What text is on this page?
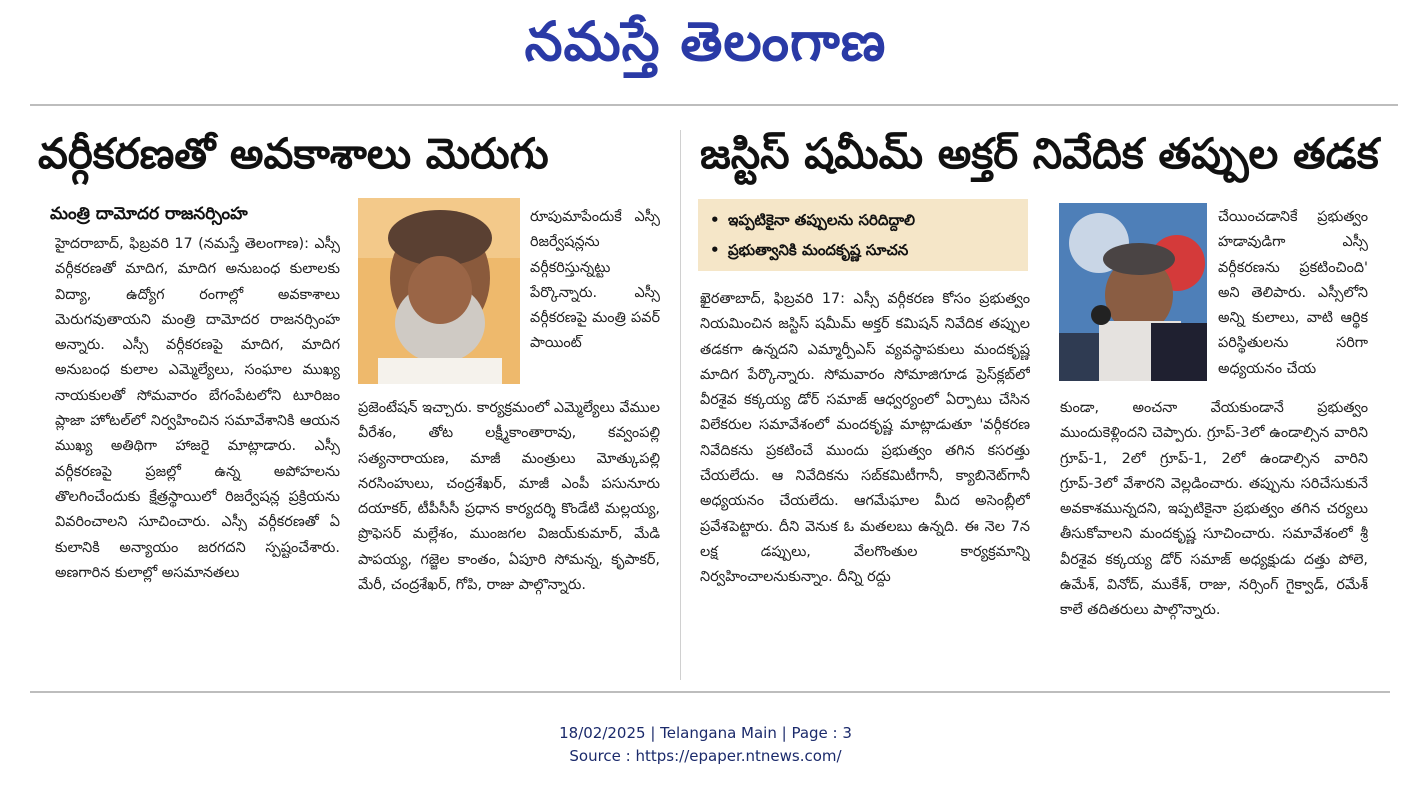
నమస్తే తెలంగాణ
వర్గీకరణతో అవకాశాలు మెరుగు
మంత్రి దామోదర రాజనర్సింహ

హైదరాబాద్, ఫిబ్రవరి 17 (నమస్తే తెలంగాణ): ఎస్సీ వర్గీకరణతో మాదిగ, మాదిగ అనుబంధ కులాలకు విద్యా, ఉద్యోగ రంగాల్లో అవకాశాలు మెరుగవుతాయని మంత్రి దామోదర రాజనర్సింహ అన్నారు. ఎస్సీ వర్గీకరణపై మాదిగ, మాదిగ అనుబంధ కులాల ఎమ్మెల్యేలు, సంఘాల ముఖ్య నాయకులతో సోమవారం బేగంపేటలోని టూరిజం ప్లాజా హోటల్‌లో నిర్వహించిన సమావేశానికి ఆయన ముఖ్య అతిథిగా హాజరై మాట్లాడారు. ఎస్సీ వర్గీకరణపై ప్రజల్లో ఉన్న అపోహలను తొలగించేందుకు క్షేత్రస్థాయిలో రిజర్వేషన్ల ప్రక్రియను వివరించాలని సూచించారు. ఎస్సీ వర్గీకరణతో ఏ కులానికి అన్యాయం జరగదని స్పష్టంచేశారు. అణగారిన కులాల్లో అసమానతలు

రూపుమాపేందుకే ఎస్సీ రిజర్వేషన్లను వర్గీకరిస్తున్నట్టు పేర్కొన్నారు. ఎస్సీ వర్గీకరణపై మంత్రి పవర్ పాయింట్

ప్రజెంటేషన్ ఇచ్చారు. కార్యక్రమంలో ఎమ్మెల్యేలు వేముల వీరేశం, తోట లక్ష్మీకాంతారావు, కవ్వంపల్లి సత్యనారాయణ, మాజీ మంత్రులు మోత్కుపల్లి నరసింహులు, చంద్రశేఖర్, మాజీ ఎంపీ పసునూరు దయాకర్, టీపీసీసీ ప్రధాన కార్యదర్శి కొండేటి మల్లయ్య, ప్రొఫెసర్ మల్లేశం, ముంజగల విజయ్‌కుమార్, మేడి పాపయ్య, గజ్జెల కాంతం, ఏపూరి సోమన్న, కృపాకర్, మేరీ, చంద్రశేఖర్, గోపి, రాజు పాల్గొన్నారు.

జస్టిస్ షమీమ్ అక్తర్ నివేదిక తప్పుల తడక
• ఇప్పటికైనా తప్పులను సరిదిద్దాలి
• ప్రభుత్వానికి మందకృష్ణ సూచన

ఖైరతాబాద్, ఫిబ్రవరి 17: ఎస్సీ వర్గీకరణ కోసం ప్రభుత్వం నియమించిన జస్టిస్ షమీమ్ అక్తర్ కమిషన్ నివేదిక తప్పుల తడకగా ఉన్నదని ఎమ్మార్పీఎస్ వ్యవస్థాపకులు మందకృష్ణ మాదిగ పేర్కొన్నారు. సోమవారం సోమాజిగూడ ప్రెస్‌క్లబ్‌లో వీరశైవ కక్కయ్య డోర్ సమాజ్ ఆధ్వర్యంలో ఏర్పాటు చేసిన విలేకరుల సమావేశంలో మందకృష్ణ మాట్లాడుతూ 'వర్గీకరణ నివేదికను ప్రకటించే ముందు ప్రభుత్వం తగిన కసరత్తు చేయలేదు. ఆ నివేదికను సబ్‌కమిటీగానీ, క్యాబినెట్‌గానీ అధ్యయనం చేయలేదు. ఆగమేఘాల మీద అసెంబ్లీలో ప్రవేశపెట్టారు. దీని వెనుక ఓ మతలబు ఉన్నది. ఈ నెల 7న లక్ష డప్పులు, వేలగొంతుల కార్యక్రమాన్ని నిర్వహించాలనుకున్నాం. దీన్ని రద్దు

చేయించడానికే ప్రభుత్వం హడావుడిగా ఎస్సీ వర్గీకరణను ప్రకటించింది' అని తెలిపారు. ఎస్సీలోని అన్ని కులాలు, వాటి ఆర్థిక పరిస్థితులను సరిగా అధ్యయనం చేయ

కుండా, అంచనా వేయకుండానే ప్రభుత్వం ముందుకెళ్లిందని చెప్పారు. గ్రూప్-3లో ఉండాల్సిన వారిని గ్రూప్-1, 2లో గ్రూప్-1, 2లో ఉండాల్సిన వారిని గ్రూప్-3లో వేశారని వెల్లడించారు. తప్పును సరిచేసుకునే అవకాశమున్నదని, ఇప్పటికైనా ప్రభుత్వం తగిన చర్యలు తీసుకోవాలని మందకృష్ణ సూచించారు. సమావేశంలో శ్రీ వీరశైవ కక్కయ్య డోర్ సమాజ్ అధ్యక్షుడు దత్తు పోలె, ఉమేశ్, వినోద్, ముకేశ్, రాజు, నర్సింగ్ గైక్వాడ్, రమేశ్ కాలే తదితరులు పాల్గొన్నారు.

18/02/2025 | Telangana Main | Page : 3
Source : https://epaper.ntnews.com/
